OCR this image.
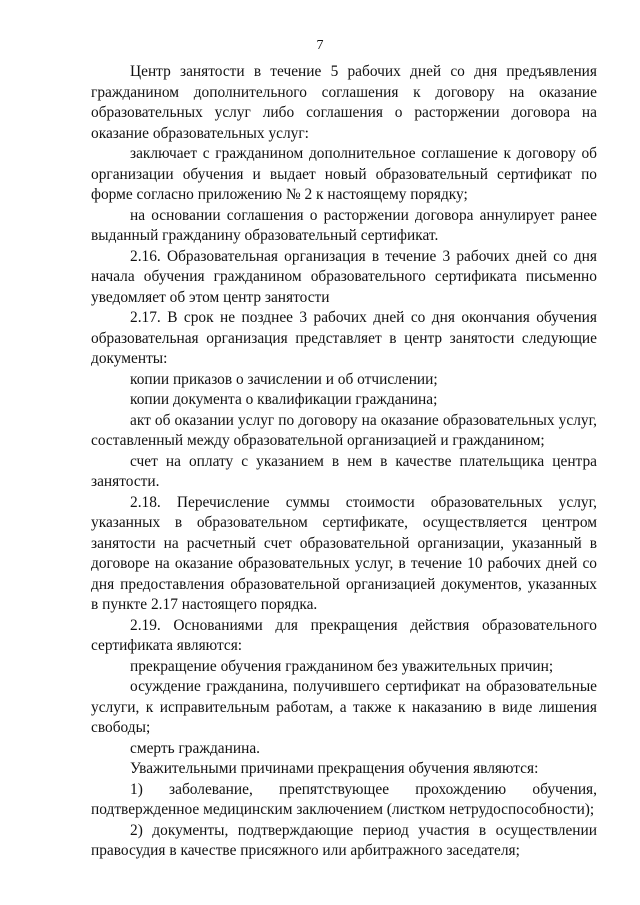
7

Центр занятости в течение 5 рабочих дней со дня предъявления гражданином дополнительного соглашения к договору на оказание образовательных услуг либо соглашения о расторжении договора на оказание образовательных услуг:

заключает с гражданином дополнительное соглашение к договору об организации обучения и выдает новый образовательный сертификат по форме согласно приложению № 2 к настоящему порядку;

на основании соглашения о расторжении договора аннулирует ранее выданный гражданину образовательный сертификат.

2.16. Образовательная организация в течение 3 рабочих дней со дня начала обучения гражданином образовательного сертификата письменно уведомляет об этом центр занятости

2.17. В срок не позднее 3 рабочих дней со дня окончания обучения образовательная организация представляет в центр занятости следующие документы:

копии приказов о зачислении и об отчислении;

копии документа о квалификации гражданина;

акт об оказании услуг по договору на оказание образовательных услуг, составленный между образовательной организацией и гражданином;

счет на оплату с указанием в нем в качестве плательщика центра занятости.

2.18. Перечисление суммы стоимости образовательных услуг, указанных в образовательном сертификате, осуществляется центром занятости на расчетный счет образовательной организации, указанный в договоре на оказание образовательных услуг, в течение 10 рабочих дней со дня предоставления образовательной организацией документов, указанных в пункте 2.17 настоящего порядка.

2.19. Основаниями для прекращения действия образовательного сертификата являются:

прекращение обучения гражданином без уважительных причин;

осуждение гражданина, получившего сертификат на образовательные услуги, к исправительным работам, а также к наказанию в виде лишения свободы;

смерть гражданина.

Уважительными причинами прекращения обучения являются:

1) заболевание, препятствующее прохождению обучения, подтвержденное медицинским заключением (листком нетрудоспособности);

2) документы, подтверждающие период участия в осуществлении правосудия в качестве присяжного или арбитражного заседателя;
